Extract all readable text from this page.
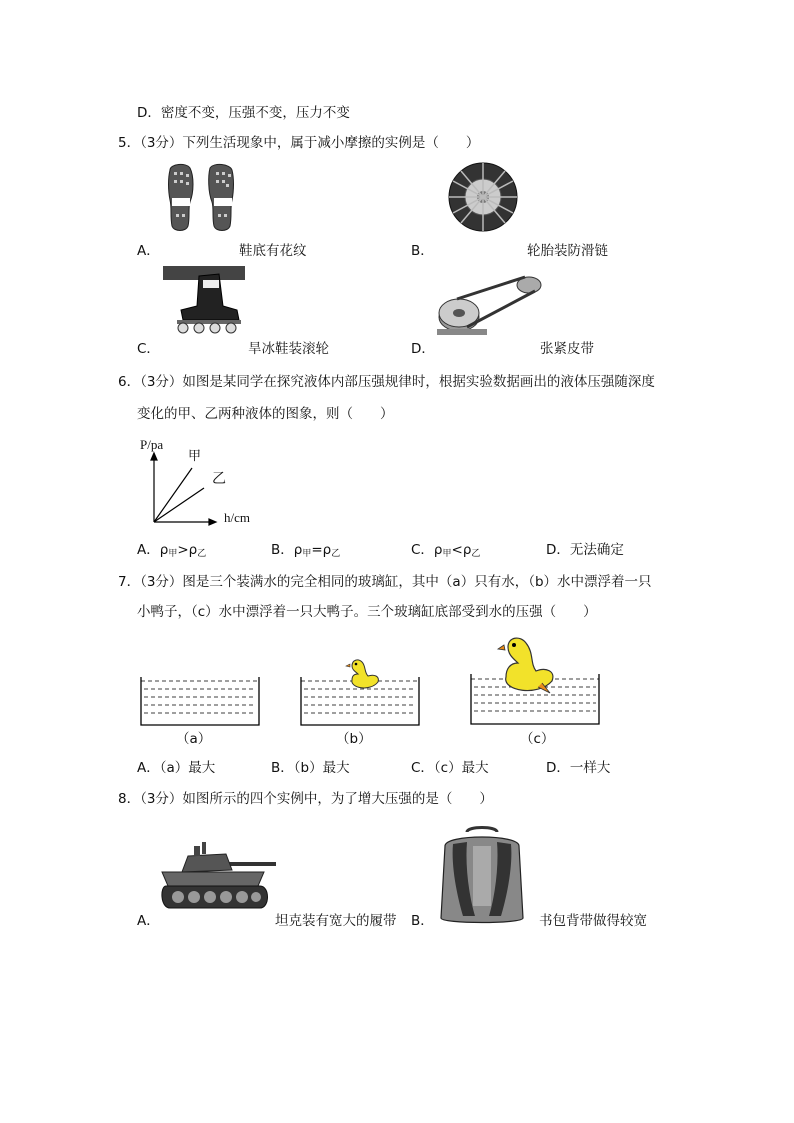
D．密度不变，压强不变，压力不变
5．（3分）下列生活现象中，属于减小摩擦的实例是（　　）
A．	鞋底有花纹	B．	轮胎装防滑链
C．	旱冰鞋装滚轮	D．	张紧皮带
6．（3分）如图是某同学在探究液体内部压强规律时，根据实验数据画出的液体压强随深度
变化的甲、乙两种液体的图象，则（　　）
P/pa
甲
乙
h/cm
A．$\rho_甲>\rho_乙$	B．$\rho_甲=\rho_乙$	C．$\rho_甲<\rho_乙$	D．无法确定
7．（3分）图是三个装满水的完全相同的玻璃缸，其中（a）只有水，（b）水中漂浮着一只
小鸭子，（c）水中漂浮着一只大鸭子。三个玻璃缸底部受到水的压强（　　）
（a）	（b）	（c）
A．（a）最大	B．（b）最大	C．（c）最大	D．一样大
8．（3分）如图所示的四个实例中，为了增大压强的是（　　）
A．	坦克装有宽大的履带 B．	书包背带做得较宽
